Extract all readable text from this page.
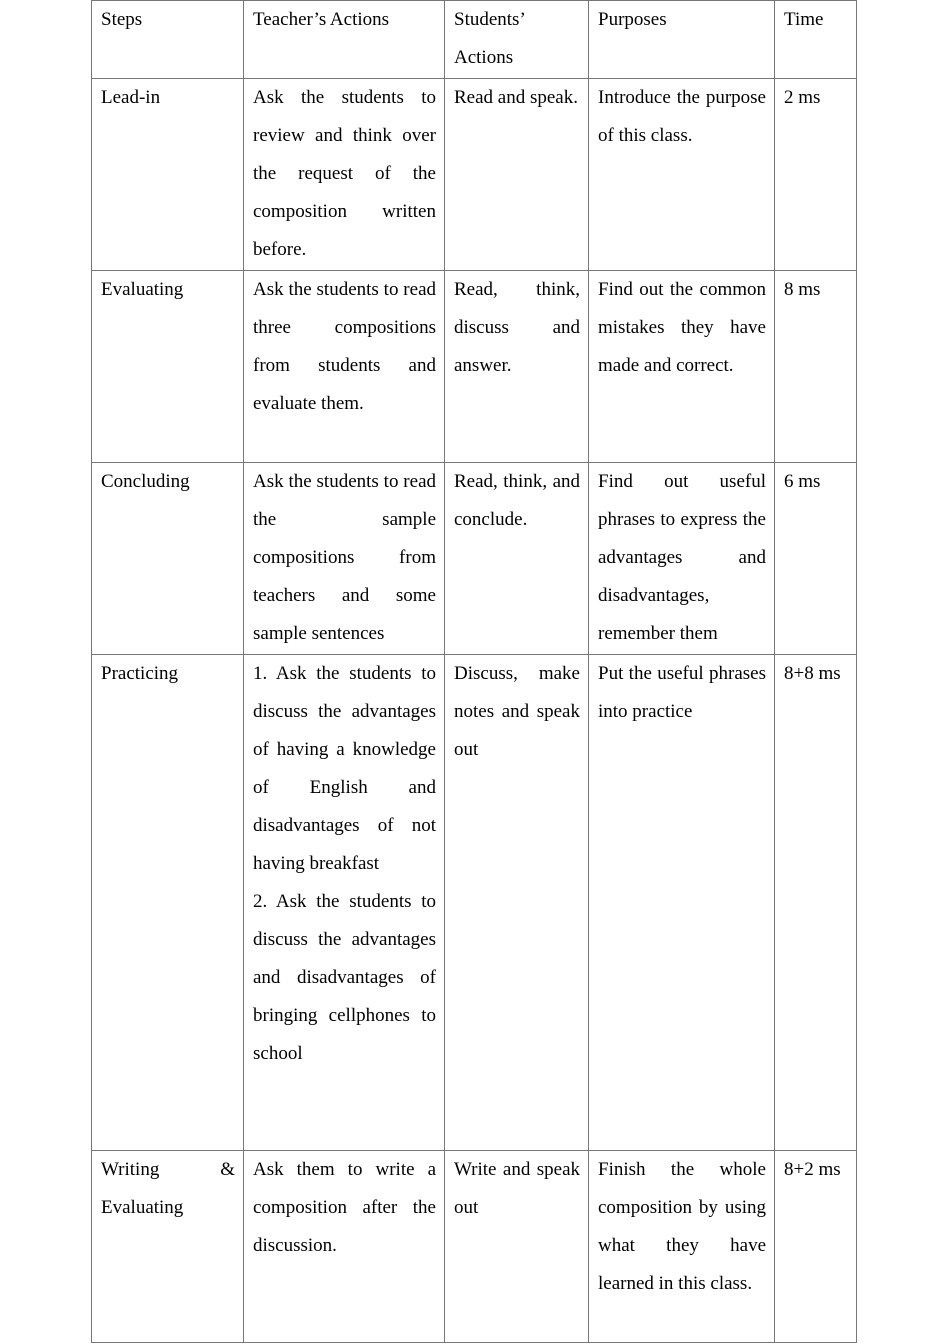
Steps	Teacher’s Actions	Students’ Actions	Purposes	Time

Lead-in	Ask the students to review and think over the request of the composition written before.	Read and speak.	Introduce the purpose of this class.	2 ms

Evaluating	Ask the students to read three compositions from students and evaluate them.	Read, think, discuss and answer.	Find out the common mistakes they have made and correct.	8 ms

Concluding	Ask the students to read the sample compositions from teachers and some sample sentences	Read, think, and conclude.	Find out useful phrases to express the advantages and disadvantages, remember them	6 ms

Practicing	1. Ask the students to discuss the advantages of having a knowledge of English and disadvantages of not having breakfast
2. Ask the students to discuss the advantages and disadvantages of bringing cellphones to school	Discuss, make notes and speak out	Put the useful phrases into practice	8+8 ms

Writing & Evaluating	Ask them to write a composition after the discussion.	Write and speak out	Finish the whole composition by using what they have learned in this class.	8+2 ms
